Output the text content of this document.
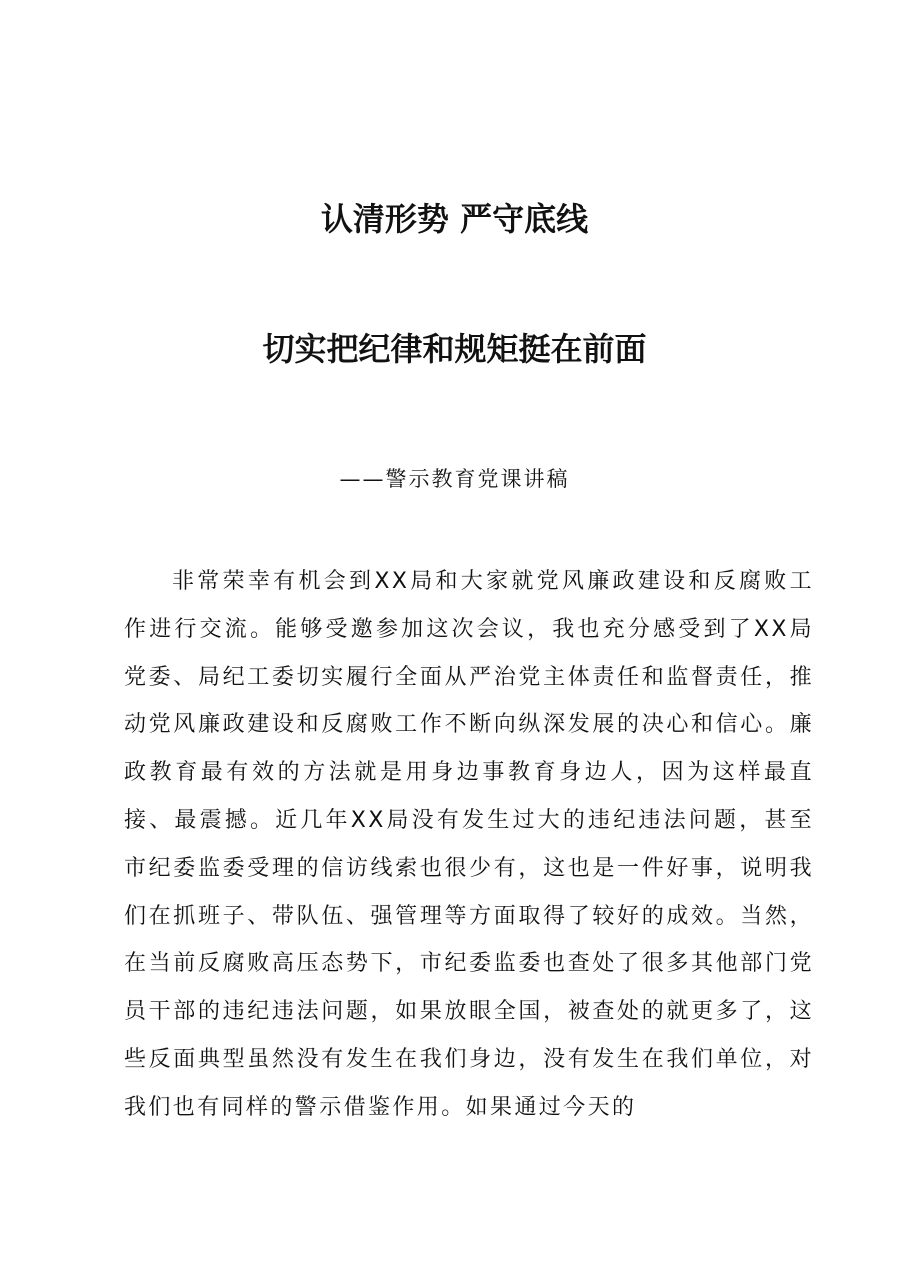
认清形势 严守底线
切实把纪律和规矩挺在前面
——警示教育党课讲稿

非常荣幸有机会到XX局和大家就党风廉政建设和反腐败工作进行交流。能够受邀参加这次会议，我也充分感受到了XX局党委、局纪工委切实履行全面从严治党主体责任和监督责任，推动党风廉政建设和反腐败工作不断向纵深发展的决心和信心。廉政教育最有效的方法就是用身边事教育身边人，因为这样最直接、最震撼。近几年XX局没有发生过大的违纪违法问题，甚至市纪委监委受理的信访线索也很少有，这也是一件好事，说明我们在抓班子、带队伍、强管理等方面取得了较好的成效。当然，在当前反腐败高压态势下，市纪委监委也查处了很多其他部门党员干部的违纪违法问题，如果放眼全国，被查处的就更多了，这些反面典型虽然没有发生在我们身边，没有发生在我们单位，对我们也有同样的警示借鉴作用。如果通过今天的
